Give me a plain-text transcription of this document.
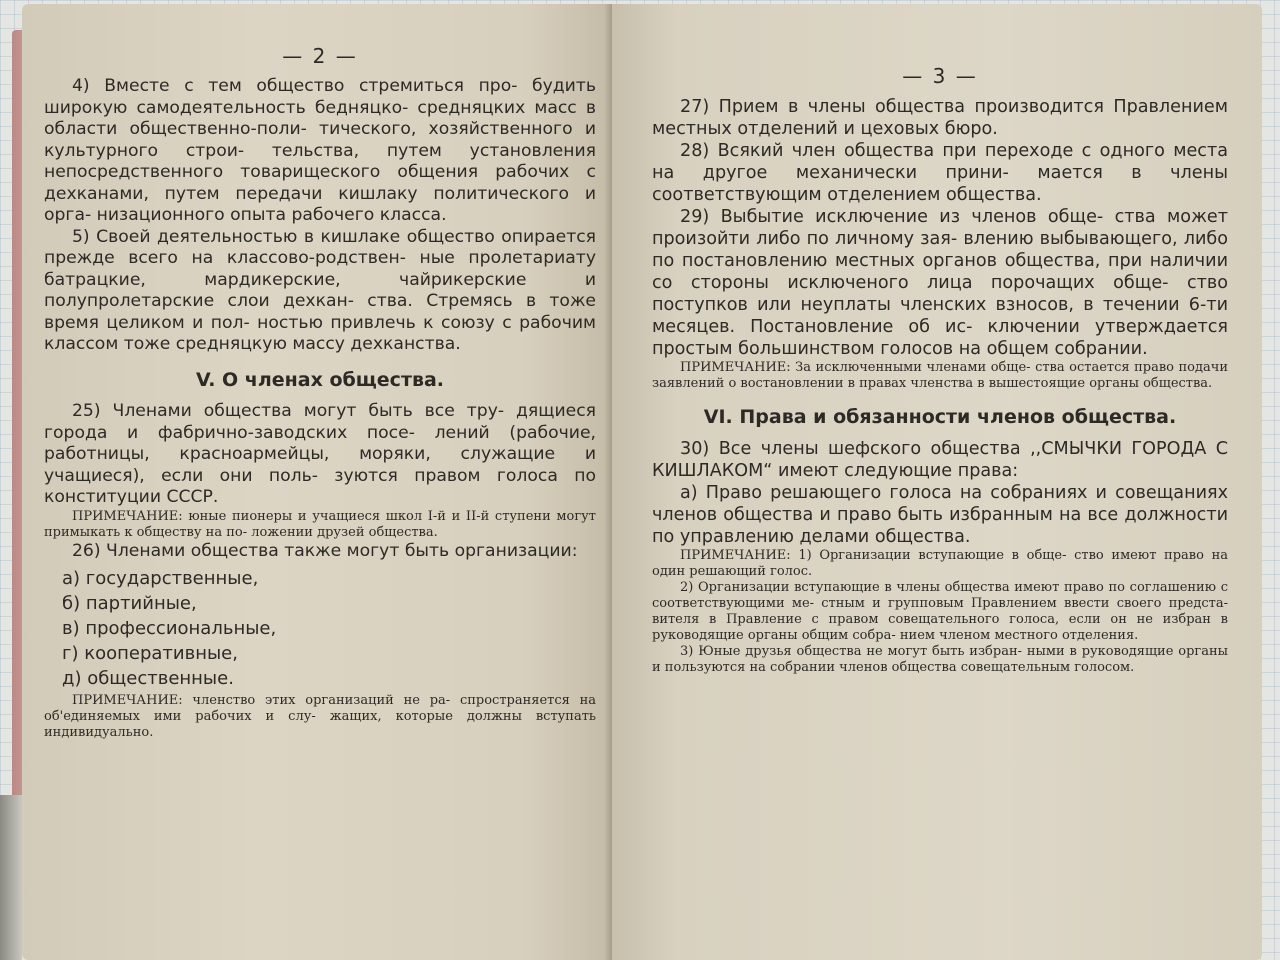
— 2 —

4) Вместе с тем общество стремиться про- будить широкую самодеятельность бедняцко- средняцких масс в области общественно-поли- тического, хозяйственного и культурного строи- тельства, путем установления непосредственного товарищеского общения рабочих с дехканами, путем передачи кишлаку политического и орга- низационного опыта рабочего класса.

5) Своей деятельностью в кишлаке общество опирается прежде всего на классово-родствен- ные пролетариату батрацкие, мардикерские, чайрикерские и полупролетарские слои дехкан- ства. Стремясь в тоже время целиком и пол- ностью привлечь к союзу с рабочим классом тоже средняцкую массу дехканства.

V. О членах общества.

25) Членами общества могут быть все тру- дящиеся города и фабрично-заводских посе- лений (рабочие, работницы, красноармейцы, моряки, служащие и учащиеся), если они поль- зуются правом голоса по конституции СССР.

ПРИМЕЧАНИЕ: юные пионеры и учащиеся школ I-й и II-й ступени могут примыкать к обществу на по- ложении друзей общества.

26) Членами общества также могут быть организации:

а) государственные,
б) партийные,
в) профессиональные,
г) кооперативные,
д) общественные.

ПРИМЕЧАНИЕ: членство этих организаций не ра- спространяется на об'единяемых ими рабочих и слу- жащих, которые должны вступать индивидуально.

— 3 —

27) Прием в члены общества производится Правлением местных отделений и цеховых бюро.

28) Всякий член общества при переходе с одного места на другое механически прини- мается в члены соответствующим отделением общества.

29) Выбытие исключение из членов обще- ства может произойти либо по личному зая- влению выбывающего, либо по постановлению местных органов общества, при наличии со стороны исключеного лица порочащих обще- ство поступков или неуплаты членских взносов, в течении 6-ти месяцев. Постановление об ис- ключении утверждается простым большинством голосов на общем собрании.

ПРИМЕЧАНИЕ: За исключенными членами обще- ства остается право подачи заявлений о востановлении в правах членства в вышестоящие органы общества.

VI. Права и обязанности членов общества.

30) Все члены шефского общества ,,СМЫЧКИ ГОРОДА С КИШЛАКОМ“ имеют следующие права:

а) Право решающего голоса на собраниях и совещаниях членов общества и право быть избранным на все должности по управлению делами общества.

ПРИМЕЧАНИЕ: 1) Организации вступающие в обще- ство имеют право на один решающий голос.

2) Организации вступающие в члены общества имеют право по соглашению с соответствующими ме- стным и групповым Правлением ввести своего предста- вителя в Правление с правом совещательного голоса, если он не избран в руководящие органы общим собра- нием членом местного отделения.

3) Юные друзья общества не могут быть избран- ными в руководящие органы и пользуются на собрании членов общества совещательным голосом.
